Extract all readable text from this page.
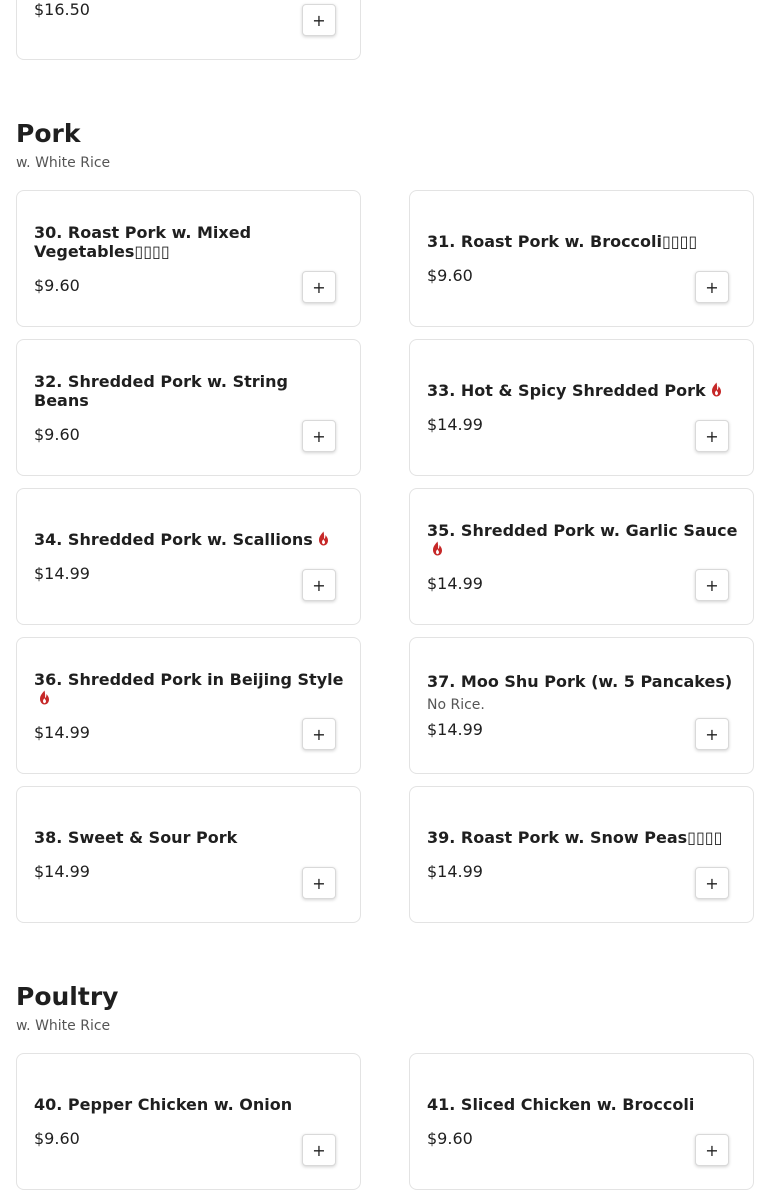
$16.50
+
Pork
w. White Rice
30. Roast Pork w. Mixed Vegetables▯▯▯▯
$9.60	+
31. Roast Pork w. Broccoli▯▯▯▯
$9.60
+
32. Shredded Pork w. String Beans
$9.60	+
33. Hot & Spicy Shredded Pork
$14.99
+
34. Shredded Pork w. Scallions
$14.99
+
35. Shredded Pork w. Garlic Sauce
$14.99	+
36. Shredded Pork in Beijing Style
$14.99	+
37. Moo Shu Pork (w. 5 Pancakes)
No Rice.
$14.99	+
38. Sweet & Sour Pork
$14.99
+
39. Roast Pork w. Snow Peas▯▯▯▯
$14.99
+
Poultry
w. White Rice
40. Pepper Chicken w. Onion
$9.60
+
41. Sliced Chicken w. Broccoli
$9.60
+
